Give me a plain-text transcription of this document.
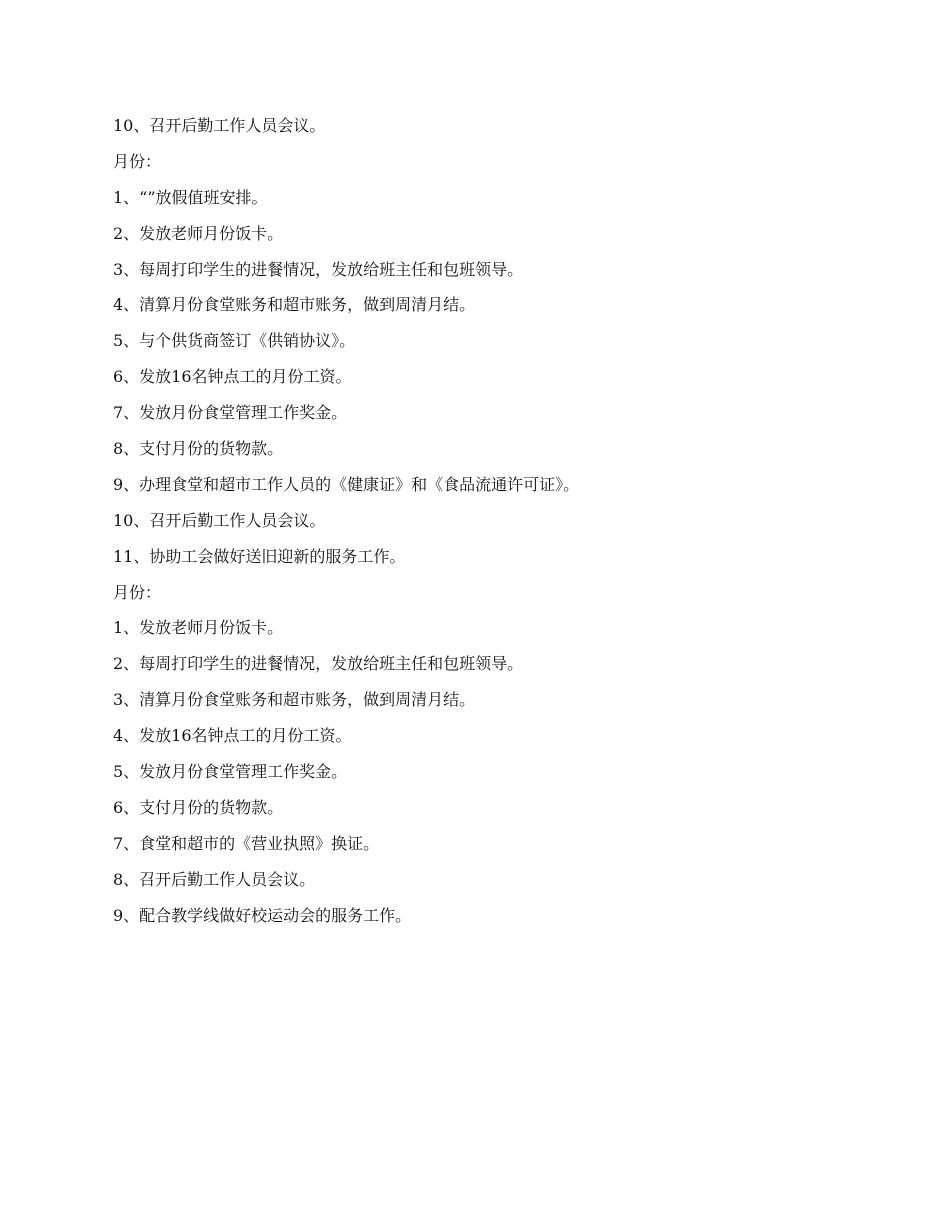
10、召开后勤工作人员会议。
月份：
1、“”放假值班安排。
2、发放老师月份饭卡。
3、每周打印学生的进餐情况，发放给班主任和包班领导。
4、清算月份食堂账务和超市账务，做到周清月结。
5、与个供货商签订《供销协议》。
6、发放16名钟点工的月份工资。
7、发放月份食堂管理工作奖金。
8、支付月份的货物款。
9、办理食堂和超市工作人员的《健康证》和《食品流通许可证》。
10、召开后勤工作人员会议。
11、协助工会做好送旧迎新的服务工作。
月份：
1、发放老师月份饭卡。
2、每周打印学生的进餐情况，发放给班主任和包班领导。
3、清算月份食堂账务和超市账务，做到周清月结。
4、发放16名钟点工的月份工资。
5、发放月份食堂管理工作奖金。
6、支付月份的货物款。
7、食堂和超市的《营业执照》换证。
8、召开后勤工作人员会议。
9、配合教学线做好校运动会的服务工作。
